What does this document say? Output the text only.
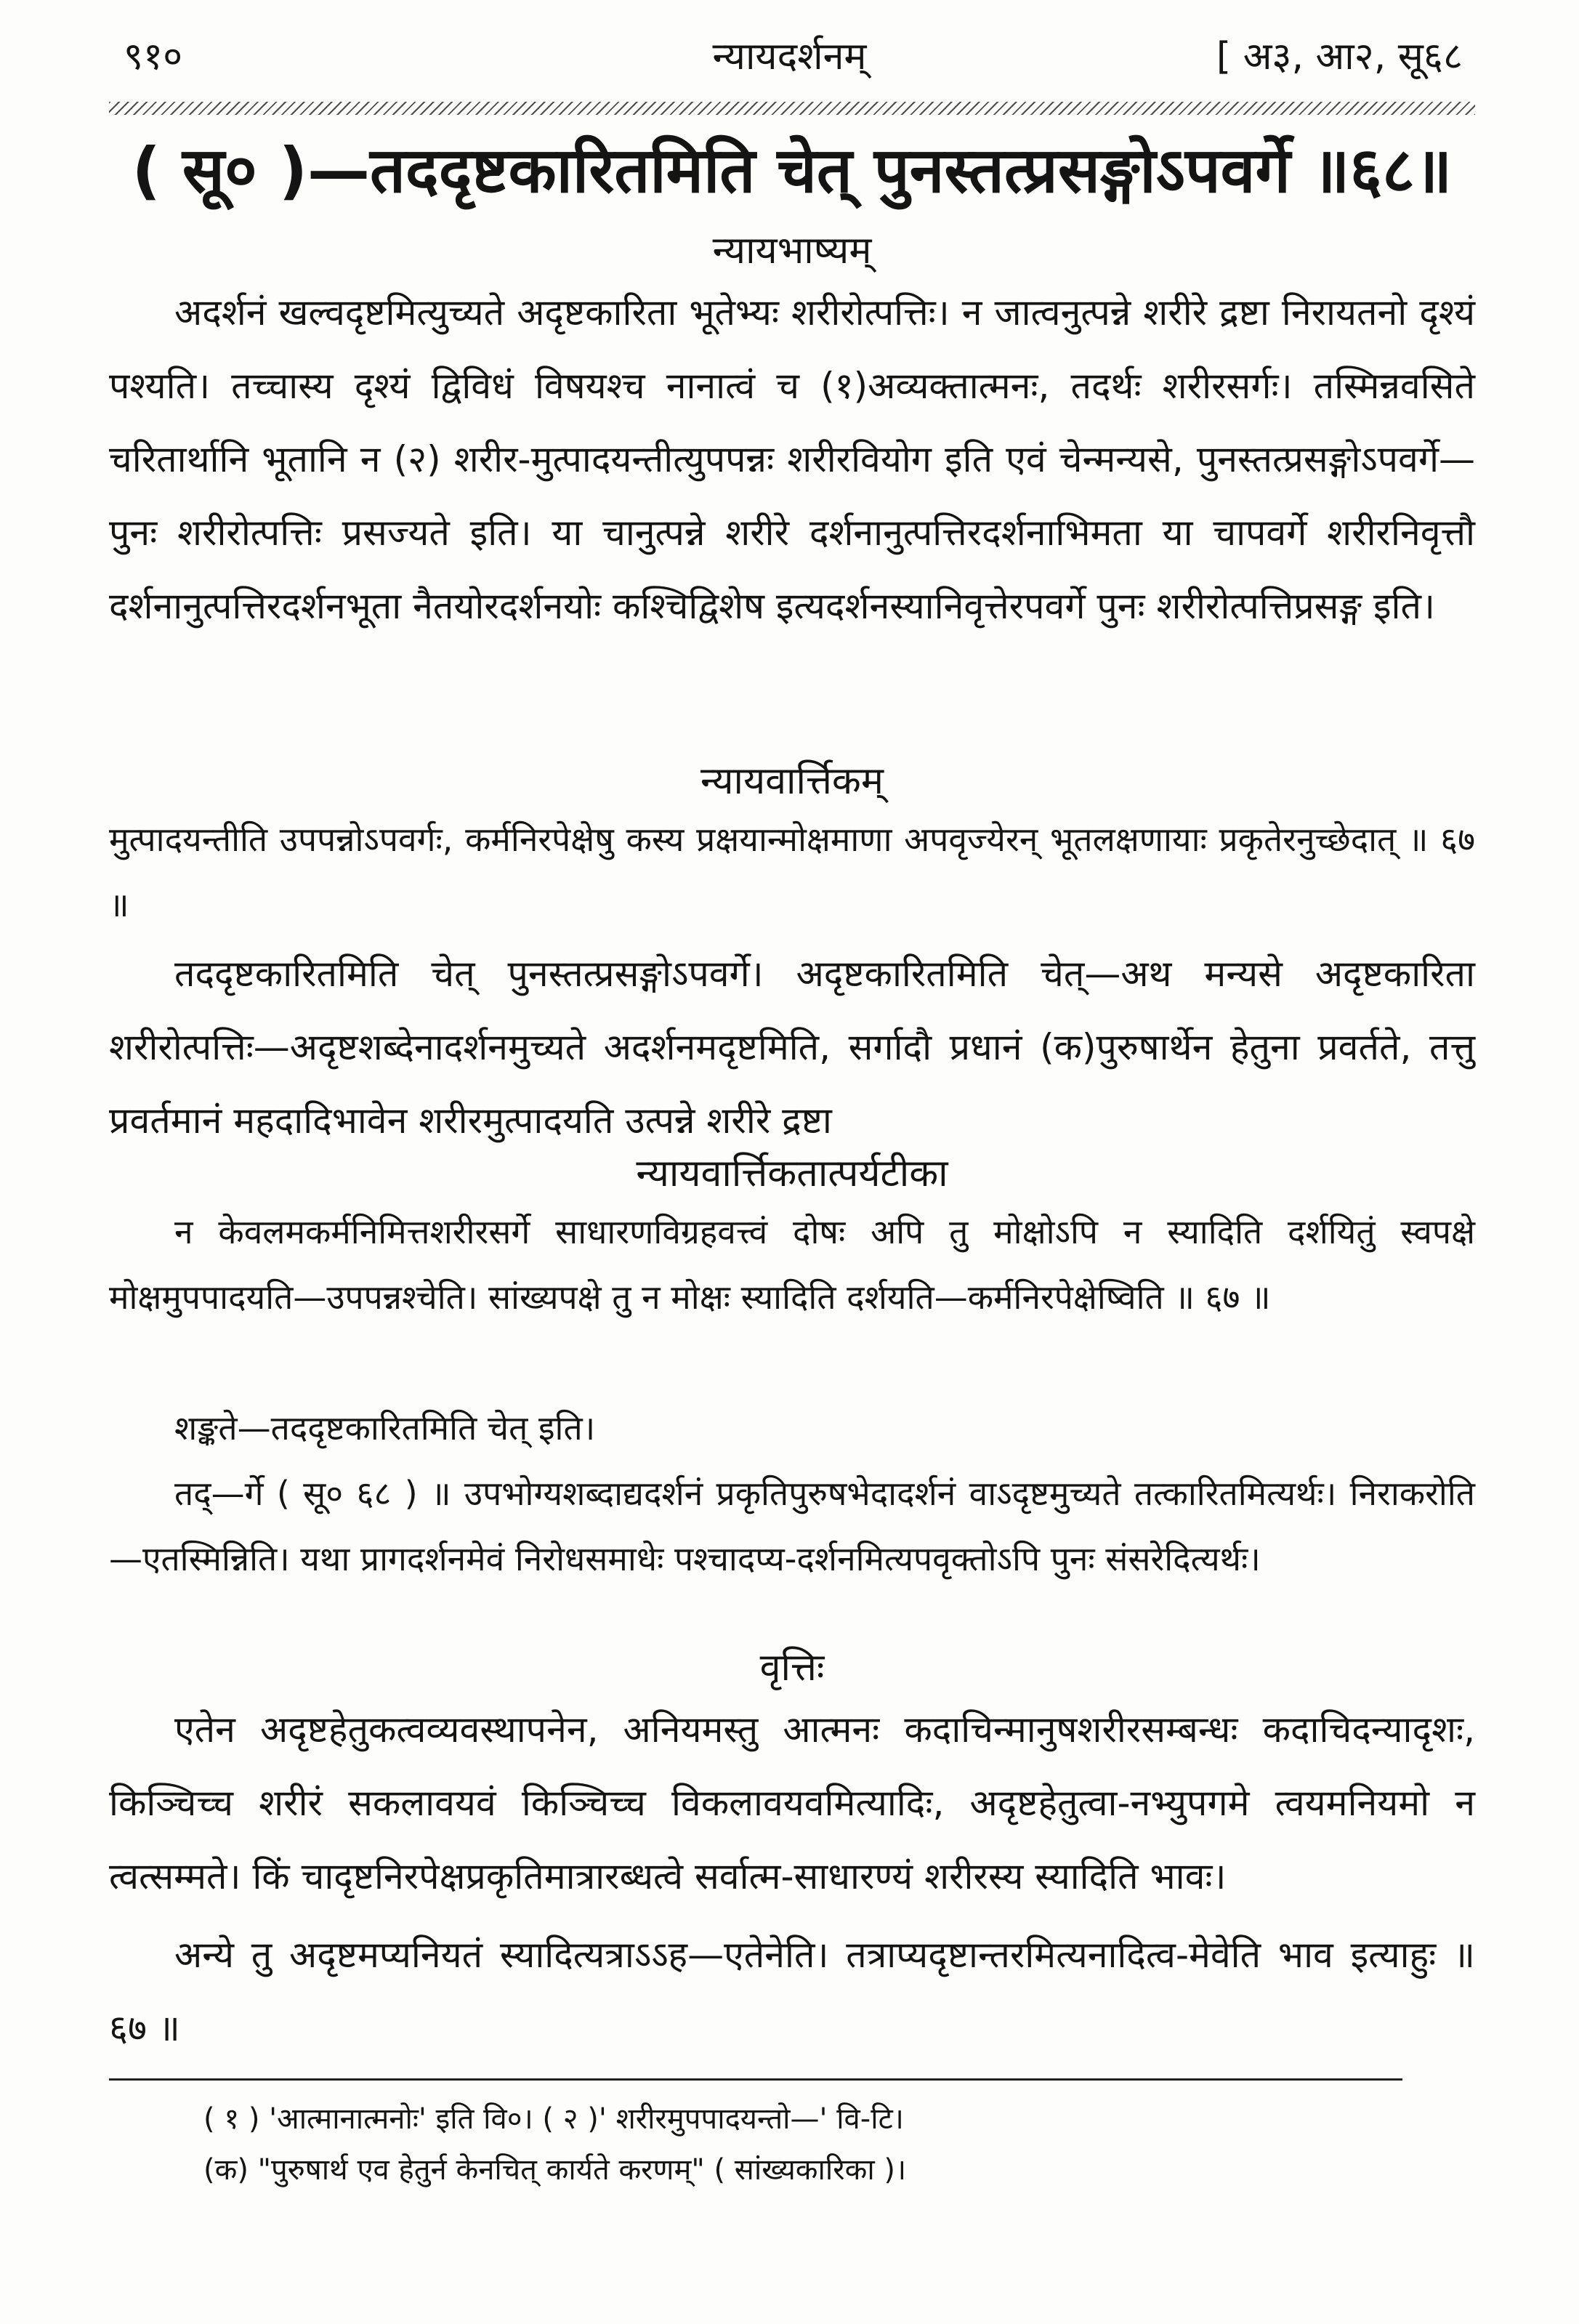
९१०	न्यायदर्शनम्	[ अ३, आ२, सू६८
( सू० )—तददृष्टकारितमिति चेत् पुनस्तत्प्रसङ्गोऽपवर्गे ॥६८॥
न्यायभाष्यम्
अदर्शनं खल्वदृष्टमित्युच्यते अदृष्टकारिता भूतेभ्यः शरीरोत्पत्तिः। न जात्वनुत्पन्ने शरीरे द्रष्टा निरायतनो दृश्यं पश्यति। तच्चास्य दृश्यं द्विविधं विषयश्च नानात्वं च (१)अव्यक्तात्मनः, तदर्थः शरीरसर्गः। तस्मिन्नवसिते चरितार्थानि भूतानि न (२) शरीर-मुत्पादयन्तीत्युपपन्नः शरीरवियोग इति एवं चेन्मन्यसे, पुनस्तत्प्रसङ्गोऽपवर्गे—पुनः शरीरोत्पत्तिः प्रसज्यते इति। या चानुत्पन्ने शरीरे दर्शनानुत्पत्तिरदर्शनाभिमता या चापवर्गे शरीरनिवृत्तौ दर्शनानुत्पत्तिरदर्शनभूता नैतयोरदर्शनयोः कश्चिद्विशेष इत्यदर्शनस्यानिवृत्तेरपवर्गे पुनः शरीरोत्पत्तिप्रसङ्ग इति।
न्यायवार्त्तिकम्
मुत्पादयन्तीति उपपन्नोऽपवर्गः, कर्मनिरपेक्षेषु कस्य प्रक्षयान्मोक्षमाणा अपवृज्येरन् भूतलक्षणायाः प्रकृतेरनुच्छेदात् ॥ ६७ ॥
तददृष्टकारितमिति चेत् पुनस्तत्प्रसङ्गोऽपवर्गे। अदृष्टकारितमिति चेत्—अथ मन्यसे अदृष्टकारिता शरीरोत्पत्तिः—अदृष्टशब्देनादर्शनमुच्यते अदर्शनमदृष्टमिति, सर्गादौ प्रधानं (क)पुरुषार्थेन हेतुना प्रवर्तते, तत्तु प्रवर्तमानं महदादिभावेन शरीरमुत्पादयति उत्पन्ने शरीरे द्रष्टा
न्यायवार्त्तिकतात्पर्यटीका
न केवलमकर्मनिमित्तशरीरसर्गे साधारणविग्रहवत्त्वं दोषः अपि तु मोक्षोऽपि न स्यादिति दर्शयितुं स्वपक्षे मोक्षमुपपादयति—उपपन्नश्चेति। सांख्यपक्षे तु न मोक्षः स्यादिति दर्शयति—कर्मनिरपेक्षेष्विति ॥ ६७ ॥
शङ्कते—तददृष्टकारितमिति चेत् इति।
तद्—र्गे ( सू० ६८ ) ॥ उपभोग्यशब्दाद्यदर्शनं प्रकृतिपुरुषभेदादर्शनं वाऽदृष्टमुच्यते तत्कारितमित्यर्थः। निराकरोति—एतस्मिन्निति। यथा प्रागदर्शनमेवं निरोधसमाधेः पश्चादप्य-दर्शनमित्यपवृक्तोऽपि पुनः संसरेदित्यर्थः।
वृत्तिः
एतेन अदृष्टहेतुकत्वव्यवस्थापनेन, अनियमस्तु आत्मनः कदाचिन्मानुषशरीरसम्बन्धः कदाचिदन्यादृशः, किञ्चिच्च शरीरं सकलावयवं किञ्चिच्च विकलावयवमित्यादिः, अदृष्टहेतुत्वा-नभ्युपगमे त्वयमनियमो न त्वत्सम्मते। किं चादृष्टनिरपेक्षप्रकृतिमात्रारब्धत्वे सर्वात्म-साधारण्यं शरीरस्य स्यादिति भावः।
अन्ये तु अदृष्टमप्यनियतं स्यादित्यत्राऽऽह—एतेनेति। तत्राप्यदृष्टान्तरमित्यनादित्व-मेवेति भाव इत्याहुः ॥ ६७ ॥
( १ ) 'आत्मानात्मनोः' इति वि०। ( २ )' शरीरमुपपादयन्तो—' वि-टि।
(क) "पुरुषार्थ एव हेतुर्न केनचित् कार्यते करणम्" ( सांख्यकारिका )।
